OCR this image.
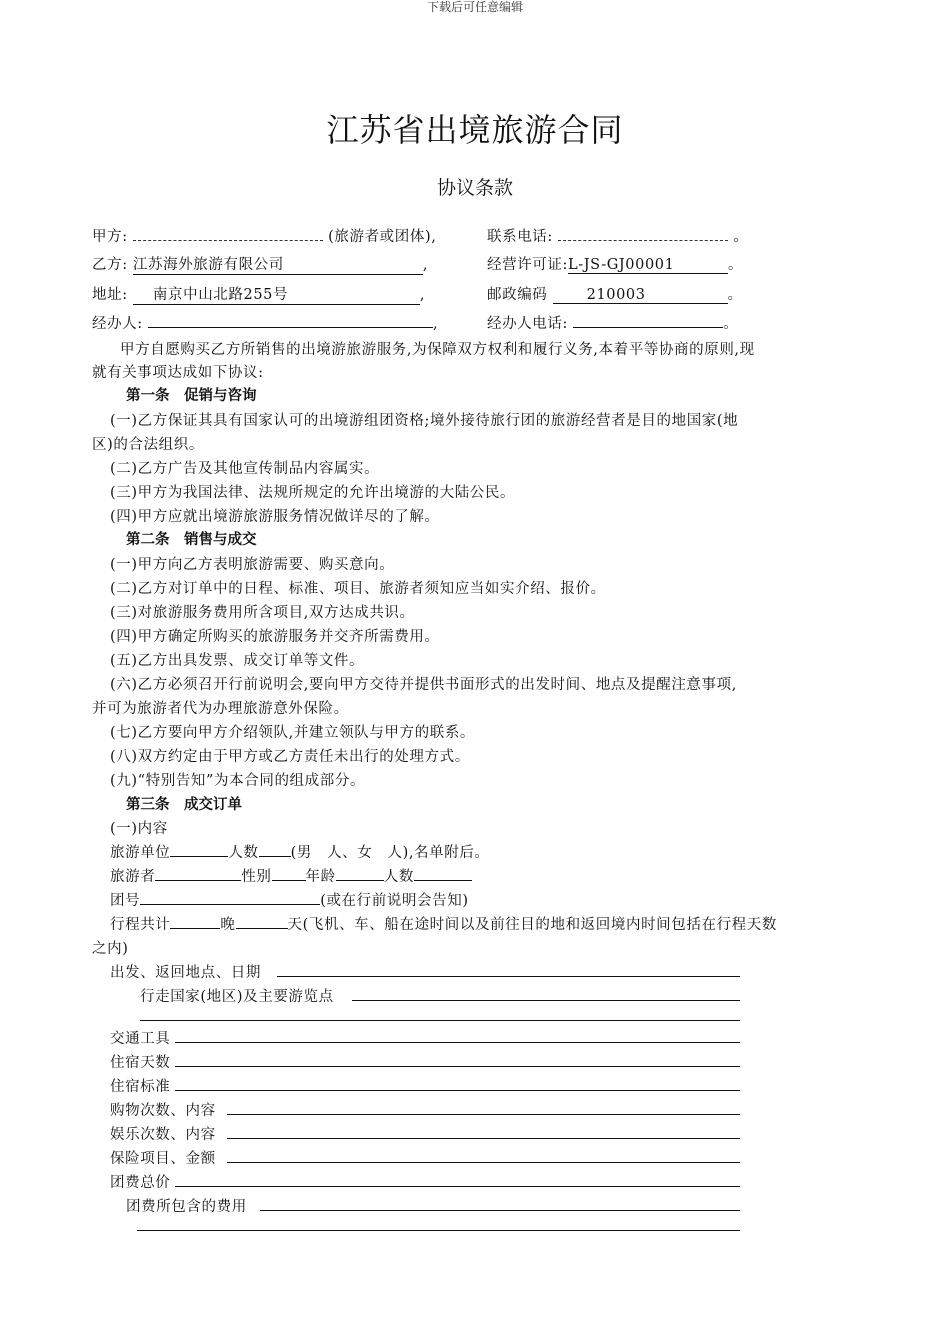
下载后可任意编辑
江苏省出境旅游合同
协议条款
甲方:	(旅游者或团体),	联系电话:	。
乙方: 江苏海外旅游有限公司	,	经营许可证:L-JS-GJ00001	。
地址: 南京中山北路255号	,	邮政编码	210003	。
经办人:	,	经办人电话:	。
甲方自愿购买乙方所销售的出境游旅游服务,为保障双方权利和履行义务,本着平等协商的原则,现
就有关事项达成如下协议:
第一条　促销与咨询
(一)乙方保证其具有国家认可的出境游组团资格;境外接待旅行团的旅游经营者是目的地国家(地
区)的合法组织。
(二)乙方广告及其他宣传制品内容属实。
(三)甲方为我国法律、法规所规定的允许出境游的大陆公民。
(四)甲方应就出境游旅游服务情况做详尽的了解。
第二条　销售与成交
(一)甲方向乙方表明旅游需要、购买意向。
(二)乙方对订单中的日程、标准、项目、旅游者须知应当如实介绍、报价。
(三)对旅游服务费用所含项目,双方达成共识。
(四)甲方确定所购买的旅游服务并交齐所需费用。
(五)乙方出具发票、成交订单等文件。
(六)乙方必须召开行前说明会,要向甲方交待并提供书面形式的出发时间、地点及提醒注意事项,
并可为旅游者代为办理旅游意外保险。
(七)乙方要向甲方介绍领队,并建立领队与甲方的联系。
(八)双方约定由于甲方或乙方责任未出行的处理方式。
(九)“特别告知”为本合同的组成部分。
第三条　成交订单
(一)内容
旅游单位	人数 (男　人、女　人),名单附后。
旅游者	性别 年龄	人数
团号	(或在行前说明会告知)
行程共计	晚	天(飞机、车、船在途时间以及前往目的地和返回境内时间包括在行程天数
之内)
出发、返回地点、日期
行走国家(地区)及主要游览点
交通工具
住宿天数
住宿标准
购物次数、内容
娱乐次数、内容
保险项目、金额
团费总价
团费所包含的费用
